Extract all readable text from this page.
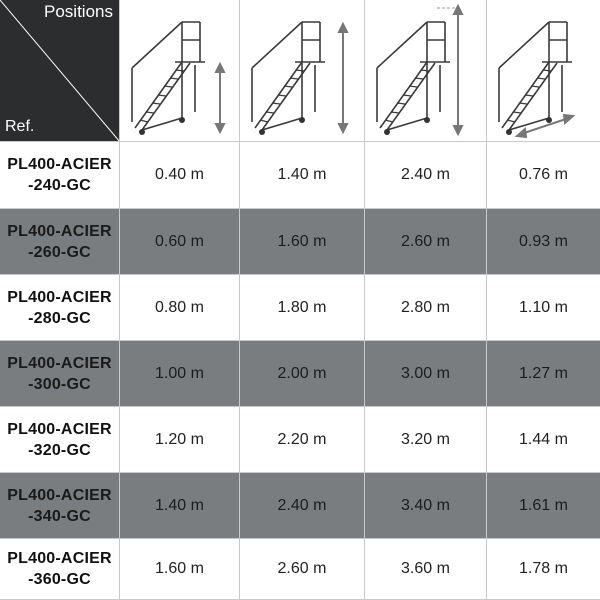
Positions
Ref.
PL400-ACIER
-240-GC
0.40 m	1.40 m	2.40 m	0.76 m
PL400-ACIER
-260-GC
0.60 m	1.60 m	2.60 m	0.93 m
PL400-ACIER
-280-GC
0.80 m	1.80 m	2.80 m	1.10 m
PL400-ACIER
-300-GC
1.00 m	2.00 m	3.00 m	1.27 m
PL400-ACIER
-320-GC
1.20 m	2.20 m	3.20 m	1.44 m
PL400-ACIER
-340-GC
1.40 m	2.40 m	3.40 m	1.61 m
PL400-ACIER
-360-GC
1.60 m	2.60 m	3.60 m	1.78 m
